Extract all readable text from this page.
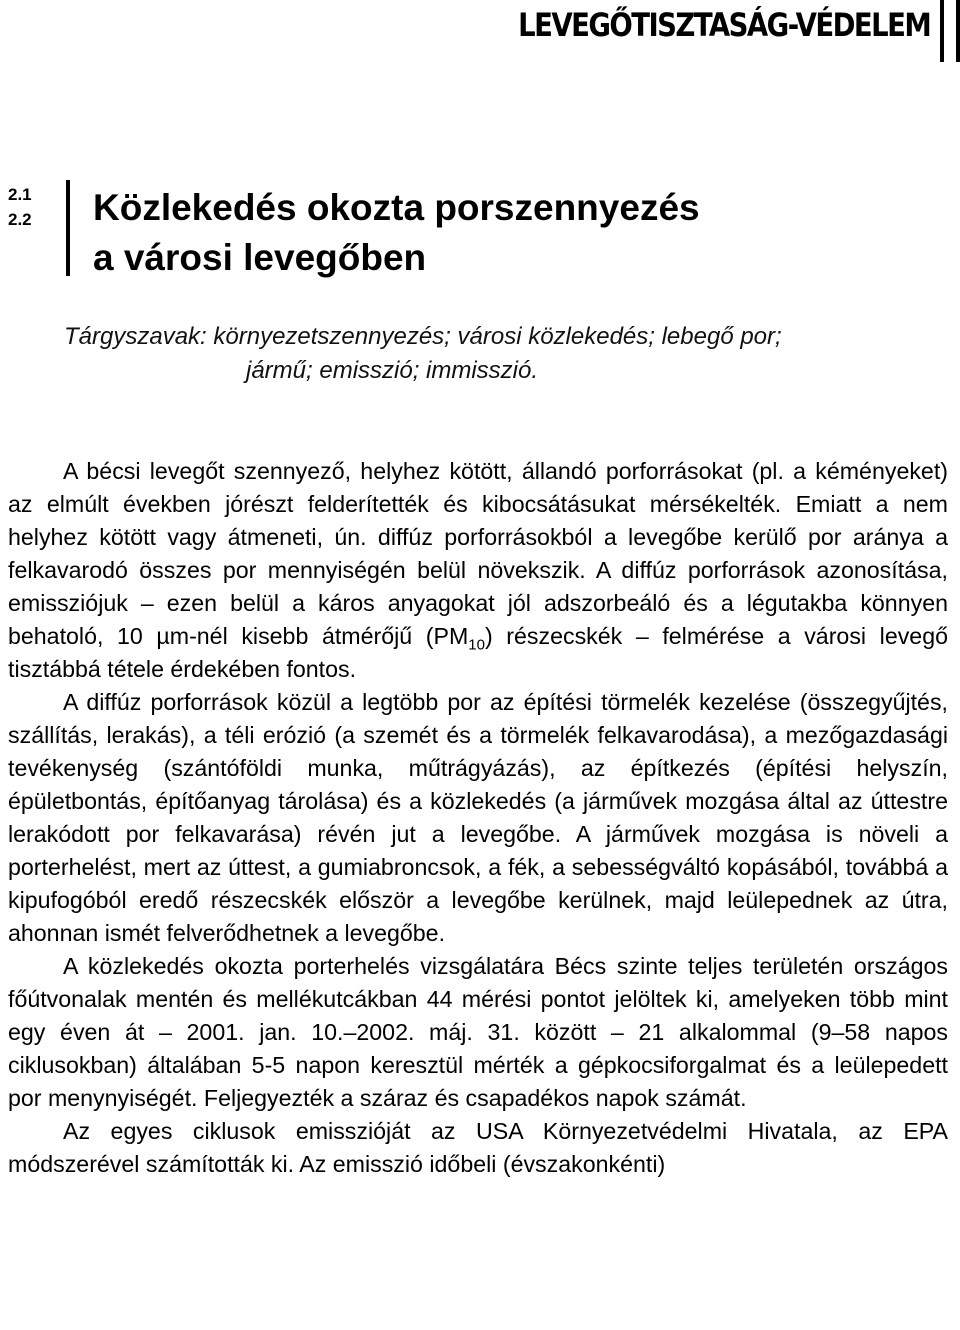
LEVEGŐTISZTASÁG-VÉDELEM
2.1
2.2 Közlekedés okozta porszennyezés
a városi levegőben
Tárgyszavak: környezetszennyezés; városi közlekedés; lebegő por;
jármű; emisszió; immisszió.

A bécsi levegőt szennyező, helyhez kötött, állandó porforrásokat (pl. a kéményeket) az elmúlt években jórészt felderítették és kibocsátásukat mérsékelték. Emiatt a nem helyhez kötött vagy átmeneti, ún. diffúz porforrásokból a levegőbe kerülő por aránya a felkavarodó összes por mennyiségén belül növekszik. A diffúz porforrások azonosítása, emissziójuk – ezen belül a káros anyagokat jól adszorbeáló és a légutakba könnyen behatoló, 10 µm-nél kisebb átmérőjű $(PM_{10})$ részecskék – felmérése a városi levegő tisztábbá tétele érdekében fontos.

A diffúz porforrások közül a legtöbb por az építési törmelék kezelése (összegyűjtés, szállítás, lerakás), a téli erózió (a szemét és a törmelék felkavarodása), a mezőgazdasági tevékenység (szántóföldi munka, műtrágyázás), az építkezés (építési helyszín, épületbontás, építőanyag tárolása) és a közlekedés (a járművek mozgása által az úttestre lerakódott por felkavarása) révén jut a levegőbe. A járművek mozgása is növeli a porterhelést, mert az úttest, a gumiabroncsok, a fék, a sebességváltó kopásából, továbbá a kipufogóból eredő részecskék először a levegőbe kerülnek, majd leülepednek az útra, ahonnan ismét felverődhetnek a levegőbe.

A közlekedés okozta porterhelés vizsgálatára Bécs szinte teljes területén országos főútvonalak mentén és mellékutcákban 44 mérési pontot jelöltek ki, amelyeken több mint egy éven át – 2001. jan. 10.–2002. máj. 31. között – 21 alkalommal (9–58 napos ciklusokban) általában 5-5 napon keresztül mérték a gépkocsiforgalmat és a leülepedett por menynyiségét. Feljegyezték a száraz és csapadékos napok számát.

Az egyes ciklusok emisszióját az USA Környezetvédelmi Hivatala, az EPA módszerével számították ki. Az emisszió időbeli (évszakonkénti)
